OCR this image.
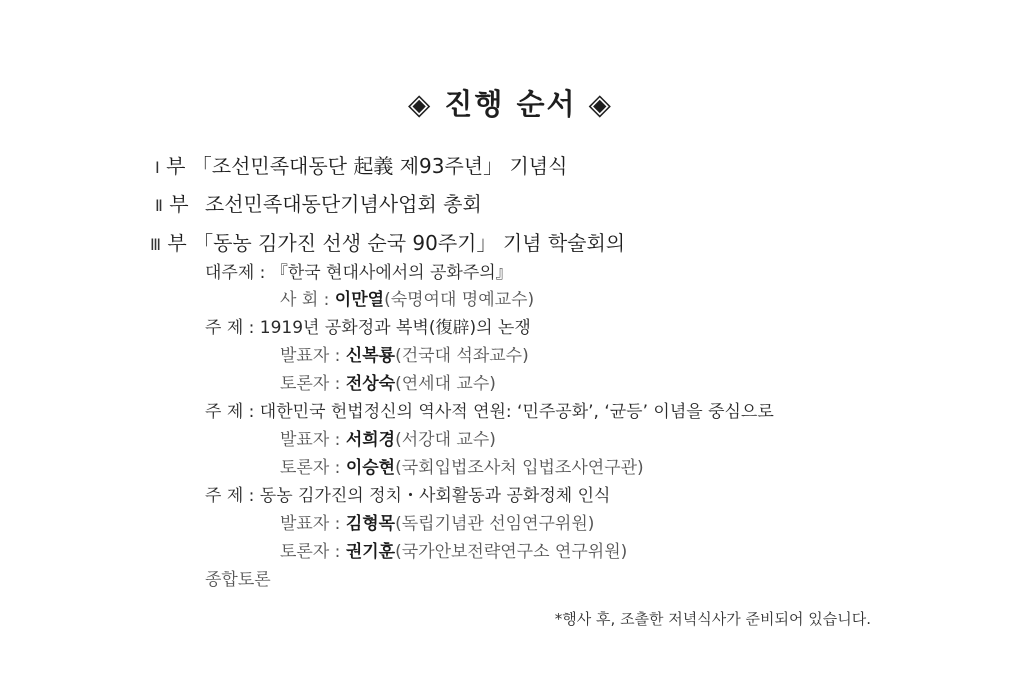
◈ 진행 순서 ◈
Ⅰ 부 「조선민족대동단 起義 제93주년」 기념식
Ⅱ 부 조선민족대동단기념사업회 총회
Ⅲ 부 「동농 김가진 선생 순국 90주기」 기념 학술회의
대주제 : 『한국 현대사에서의 공화주의』
사 회 : 이만열(숙명여대 명예교수)
주 제 : 1919년 공화정과 복벽(復辟)의 논쟁
발표자 : 신복룡(건국대 석좌교수)
토론자 : 전상숙(연세대 교수)
주 제 : 대한민국 헌법정신의 역사적 연원: ‘민주공화’, ‘균등’ 이념을 중심으로
발표자 : 서희경(서강대 교수)
토론자 : 이승현(국회입법조사처 입법조사연구관)
주 제 : 동농 김가진의 정치・사회활동과 공화정체 인식
발표자 : 김형목(독립기념관 선임연구위원)
토론자 : 권기훈(국가안보전략연구소 연구위원)
종합토론
*행사 후, 조촐한 저녁식사가 준비되어 있습니다.
